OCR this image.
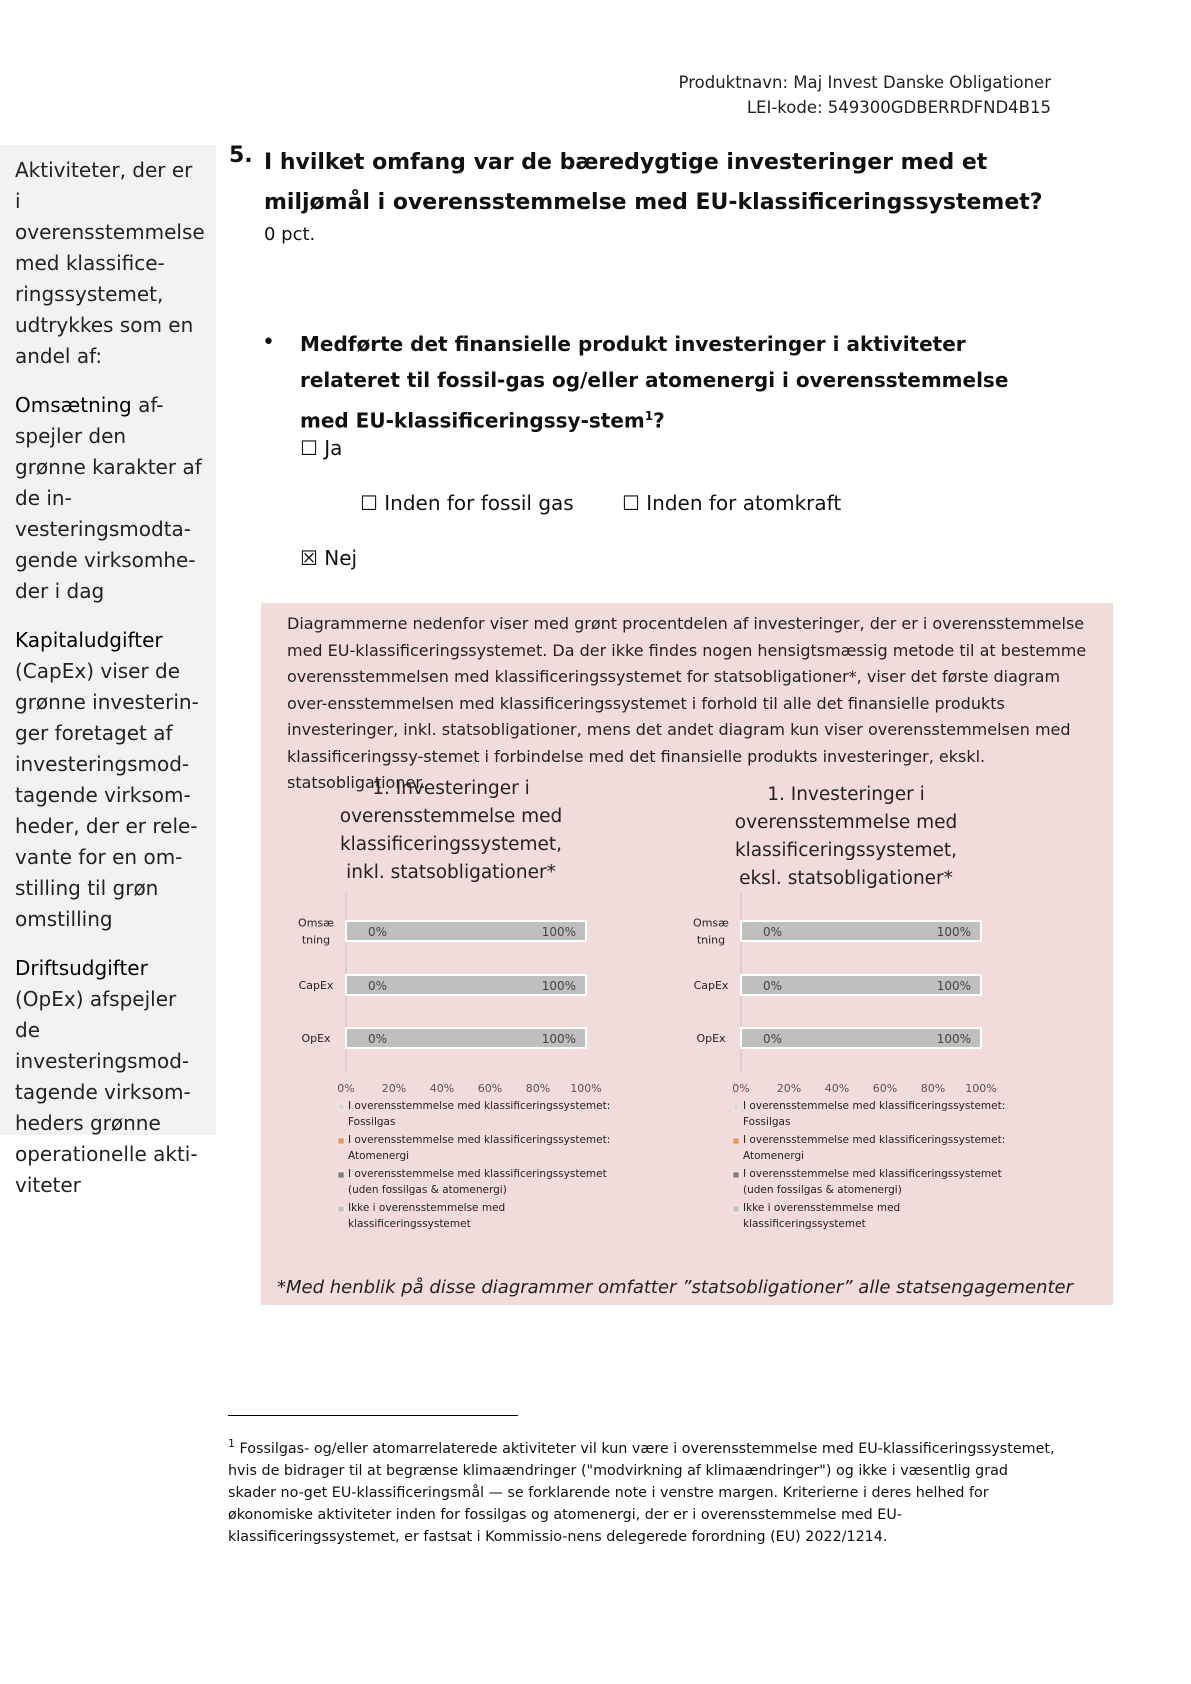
Produktnavn: Maj Invest Danske Obligationer
LEI-kode: 549300GDBERRDFND4B15

Aktiviteter, der er i overensstemmelse med klassifice-ringssystemet, udtrykkes som en andel af:

Omsætning af-spejler den grønne karakter af de in-vesteringsmodta-gende virksomhe-der i dag

Kapitaludgifter (CapEx) viser de grønne investerin-ger foretaget af investeringsmod-tagende virksom-heder, der er rele-vante for en om-stilling til grøn omstilling

Driftsudgifter (OpEx) afspejler de investeringsmod-tagende virksom-heders grønne operationelle akti-viteter

5. I hvilket omfang var de bæredygtige investeringer med et miljømål i overensstemmelse med EU-klassificeringssystemet?
0 pct.
• Medførte det finansielle produkt investeringer i aktiviteter relateret til fossil-gas og/eller atomenergi i overensstemmelse med EU-klassificeringssy-stem$^1$?
☐ Ja
☐ Inden for fossil gas ☐ Inden for atomkraft
☒ Nej
Diagrammerne nedenfor viser med grønt procentdelen af investeringer, der er i overensstemmelse med EU-klassificeringssystemet. Da der ikke findes nogen hensigtsmæssig metode til at bestemme overensstemmelsen med klassificeringssystemet for statsobligationer*, viser det første diagram over-ensstemmelsen med klassificeringssystemet i forhold til alle det finansielle produkts investeringer, inkl. statsobligationer, mens det andet diagram kun viser overensstemmelsen med klassificeringssy-stemet i forbindelse med det finansielle produkts investeringer, ekskl. statsobligationer.
1. Investeringer i overensstemmelse med klassificeringssystemet, inkl. statsobligationer*
1. Investeringer i overensstemmelse med klassificeringssystemet, eksl. statsobligationer*
Omsæ
tning
0%	100%
CapEx	0%	100%
OpEx	0%	100%
0% 20% 40% 60% 80% 100%
I overensstemmelse med klassificeringssystemet:
Fossilgas
I overensstemmelse med klassificeringssystemet:
Atomenergi
I overensstemmelse med klassificeringssystemet
(uden fossilgas & atomenergi)
Ikke i overensstemmelse med
klassificeringssystemet
Omsæ
tning
0%	100%
CapEx	0%	100%
OpEx	0%	100%
0% 20% 40% 60% 80% 100%
I overensstemmelse med klassificeringssystemet:
Fossilgas
I overensstemmelse med klassificeringssystemet:
Atomenergi
I overensstemmelse med klassificeringssystemet
(uden fossilgas & atomenergi)
Ikke i overensstemmelse med
klassificeringssystemet
*Med henblik på disse diagrammer omfatter ”statsobligationer” alle statsengagementer
$^1$ Fossilgas- og/eller atomarrelaterede aktiviteter vil kun være i overensstemmelse med EU-klassificeringssystemet, hvis de bidrager til at begrænse klimaændringer ("modvirkning af klimaændringer") og ikke i væsentlig grad skader no-get EU-klassificeringsmål — se forklarende note i venstre margen. Kriterierne i deres helhed for økonomiske aktiviteter inden for fossilgas og atomenergi, der er i overensstemmelse med EU-klassificeringssystemet, er fastsat i Kommissio-nens delegerede forordning (EU) 2022/1214.
